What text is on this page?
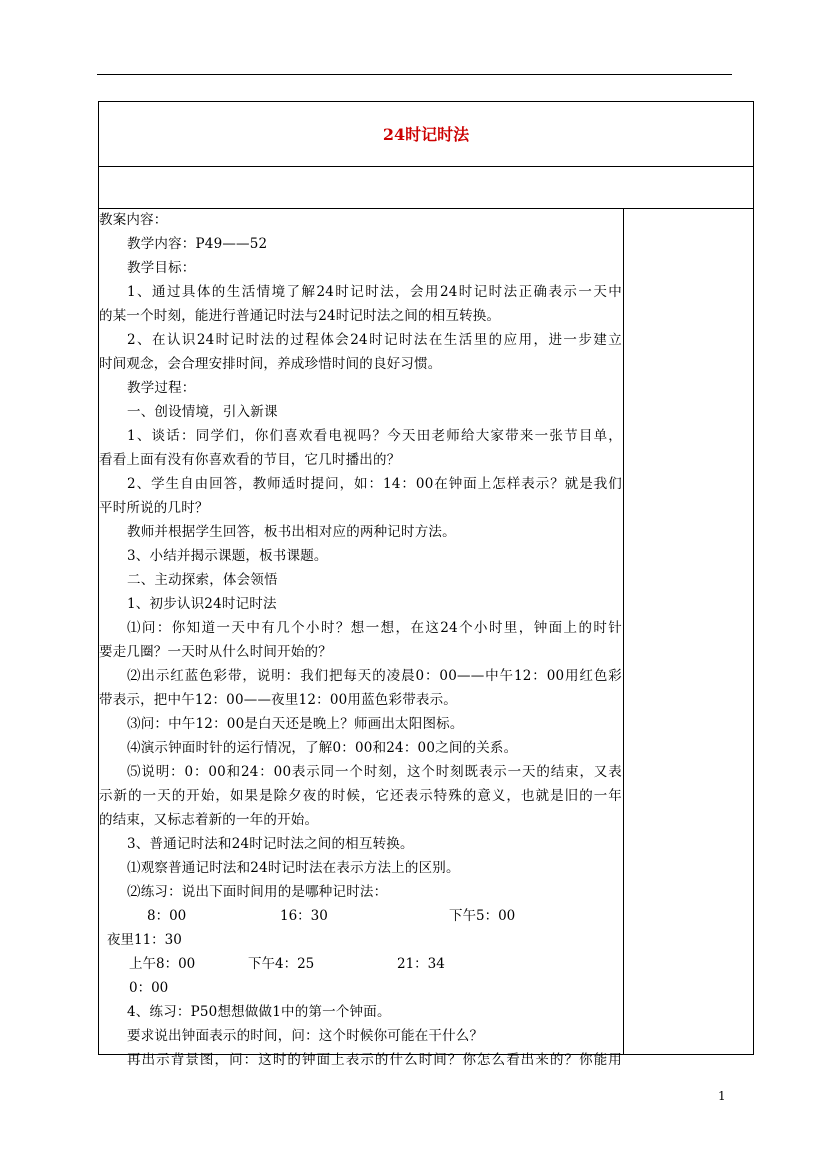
24时记时法
教案内容：
教学内容：P49——52
教学目标：
1、通过具体的生活情境了解24时记时法，会用24时记时法正确表示一天中
的某一个时刻，能进行普通记时法与24时记时法之间的相互转换。
2、在认识24时记时法的过程体会24时记时法在生活里的应用，进一步建立
时间观念，会合理安排时间，养成珍惜时间的良好习惯。
教学过程：
一、创设情境，引入新课
1、谈话：同学们，你们喜欢看电视吗？今天田老师给大家带来一张节目单，
看看上面有没有你喜欢看的节目，它几时播出的？
2、学生自由回答，教师适时提问，如：14：00在钟面上怎样表示？就是我们
平时所说的几时？
教师并根据学生回答，板书出相对应的两种记时方法。
3、小结并揭示课题，板书课题。
二、主动探索，体会领悟
1、初步认识24时记时法
⑴问：你知道一天中有几个小时？想一想，在这24个小时里，钟面上的时针
要走几圈？一天时从什么时间开始的？
⑵出示红蓝色彩带，说明：我们把每天的凌晨0：00——中午12：00用红色彩
带表示，把中午12：00——夜里12：00用蓝色彩带表示。
⑶问：中午12：00是白天还是晚上？师画出太阳图标。
⑷演示钟面时针的运行情况，了解0：00和24：00之间的关系。
⑸说明：0：00和24：00表示同一个时刻，这个时刻既表示一天的结束，又表
示新的一天的开始，如果是除夕夜的时候，它还表示特殊的意义，也就是旧的一年
的结束，又标志着新的一年的开始。
3、普通记时法和24时记时法之间的相互转换。
⑴观察普通记时法和24时记时法在表示方法上的区别。
⑵练习：说出下面时间用的是哪种记时法：
8：00	16：30	下午5：00
夜里11：30
上午8：00	下午4：25	21：34
0：00
4、练习：P50想想做做1中的第一个钟面。
要求说出钟面表示的时间，问：这个时候你可能在干什么？
再出示背景图，问：这时的钟面上表示的什么时间？你怎么看出来的？你能用
1
